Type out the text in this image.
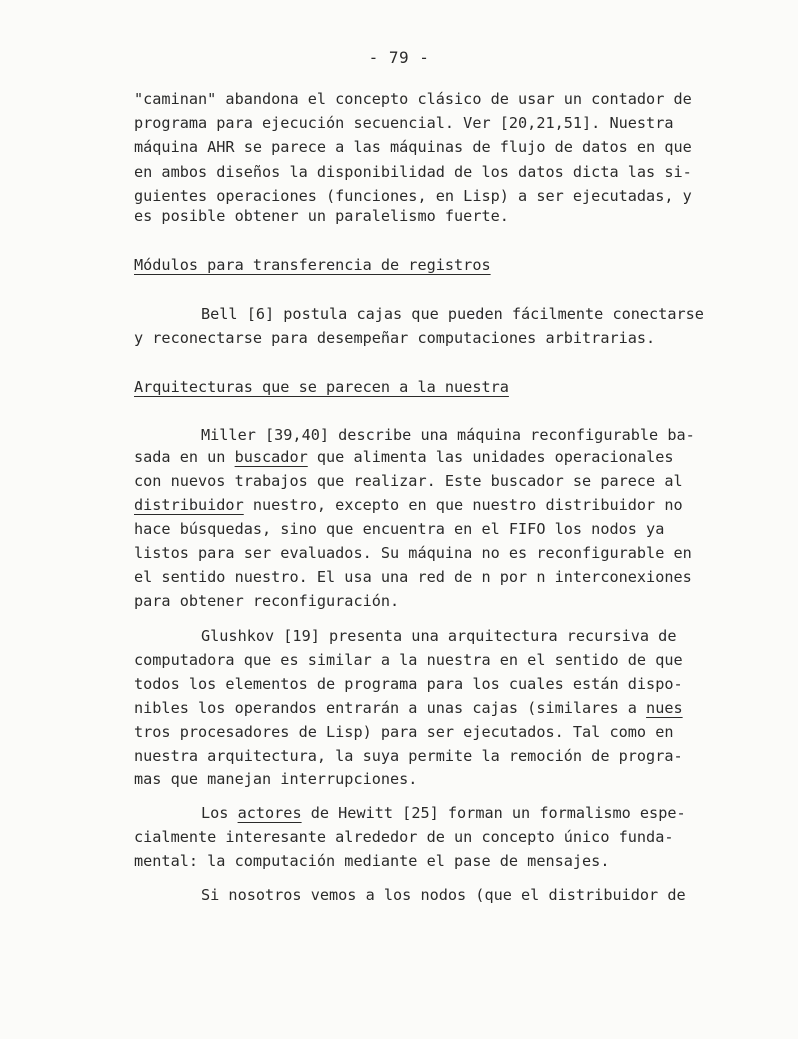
- 79 -
"caminan" abandona el concepto clásico de usar un contador de
programa para ejecución secuencial. Ver [20,21,51]. Nuestra
máquina AHR se parece a las máquinas de flujo de datos en que
en ambos diseños la disponibilidad de los datos dicta las si-
guientes operaciones (funciones, en Lisp) a ser ejecutadas, y
es posible obtener un paralelismo fuerte.
Módulos para transferencia de registros
Bell [6] postula cajas que pueden fácilmente conectarse
y reconectarse para desempeñar computaciones arbitrarias.
Arquitecturas que se parecen a la nuestra
Miller [39,40] describe una máquina reconfigurable ba-
sada en un buscador que alimenta las unidades operacionales
con nuevos trabajos que realizar. Este buscador se parece al
distribuidor nuestro, excepto en que nuestro distribuidor no
hace búsquedas, sino que encuentra en el FIFO los nodos ya
listos para ser evaluados. Su máquina no es reconfigurable en
el sentido nuestro. El usa una red de n por n interconexiones
para obtener reconfiguración.
Glushkov [19] presenta una arquitectura recursiva de
computadora que es similar a la nuestra en el sentido de que
todos los elementos de programa para los cuales están dispo-
nibles los operandos entrarán a unas cajas (similares a nues
tros procesadores de Lisp) para ser ejecutados. Tal como en
nuestra arquitectura, la suya permite la remoción de progra-
mas que manejan interrupciones.
Los actores de Hewitt [25] forman un formalismo espe-
cialmente interesante alrededor de un concepto único funda-
mental: la computación mediante el pase de mensajes.
Si nosotros vemos a los nodos (que el distribuidor de
